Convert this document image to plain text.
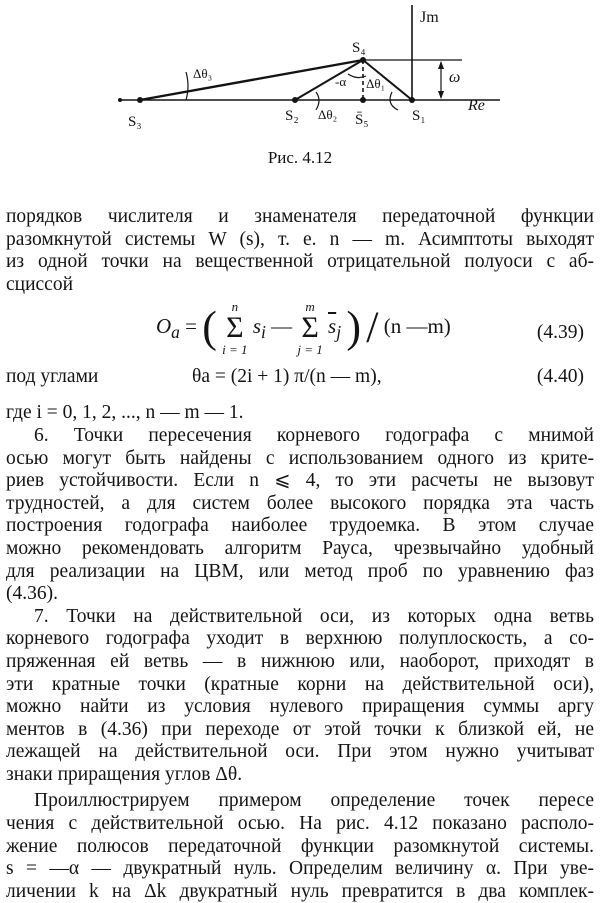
Jm
Re
ω
S₁
S₂
S₃
S₄
S̄₅
Δθ₁
Δθ₂
Δθ₃
-α
Рис. 4.12

порядков числителя и знаменателя передаточной функции
разомкнутой системы W (s), т. е. n — m. Асимптоты выходят
из одной точки на вещественной отрицательной полуоси с аб-
сциссой

$O_a$ = (	n
Σ
i = 1
$s_i$ —
m
Σ
j = 1
$\overline{s}_j$ ) / (n —m)	(4.39)
под углами	θa = (2i + 1) π/(n — m),	(4.40)

где i = 0, 1, 2, ..., n — m — 1.

6. Точки пересечения корневого годографа с мнимой
осью могут быть найдены с использованием одного из крите-
риев устойчивости. Если n ⩽ 4, то эти расчеты не вызовут
трудностей, а для систем более высокого порядка эта часть
построения годографа наиболее трудоемка. В этом случае
можно рекомендовать алгоритм Рауса, чрезвычайно удобный
для реализации на ЦВМ, или метод проб по уравнению фаз
(4.36).

7. Точки на действительной оси, из которых одна ветвь
корневого годографа уходит в верхнюю полуплоскость, а со-
пряженная ей ветвь — в нижнюю или, наоборот, приходят в
эти кратные точки (кратные корни на действительной оси),
можно найти из условия нулевого приращения суммы аргу
ментов в (4.36) при переходе от этой точки к близкой ей, не
лежащей на действительной оси. При этом нужно учитыват
знаки приращения углов Δθ.

Проиллюстрируем примером определение точек пересе
чения с действительной осью. На рис. 4.12 показано располо-
жение полюсов передаточной функции разомкнутой системы.
s = —α — двукратный нуль. Определим величину α. При уве-
личении k на Δk двукратный нуль превратится в два комплек-
